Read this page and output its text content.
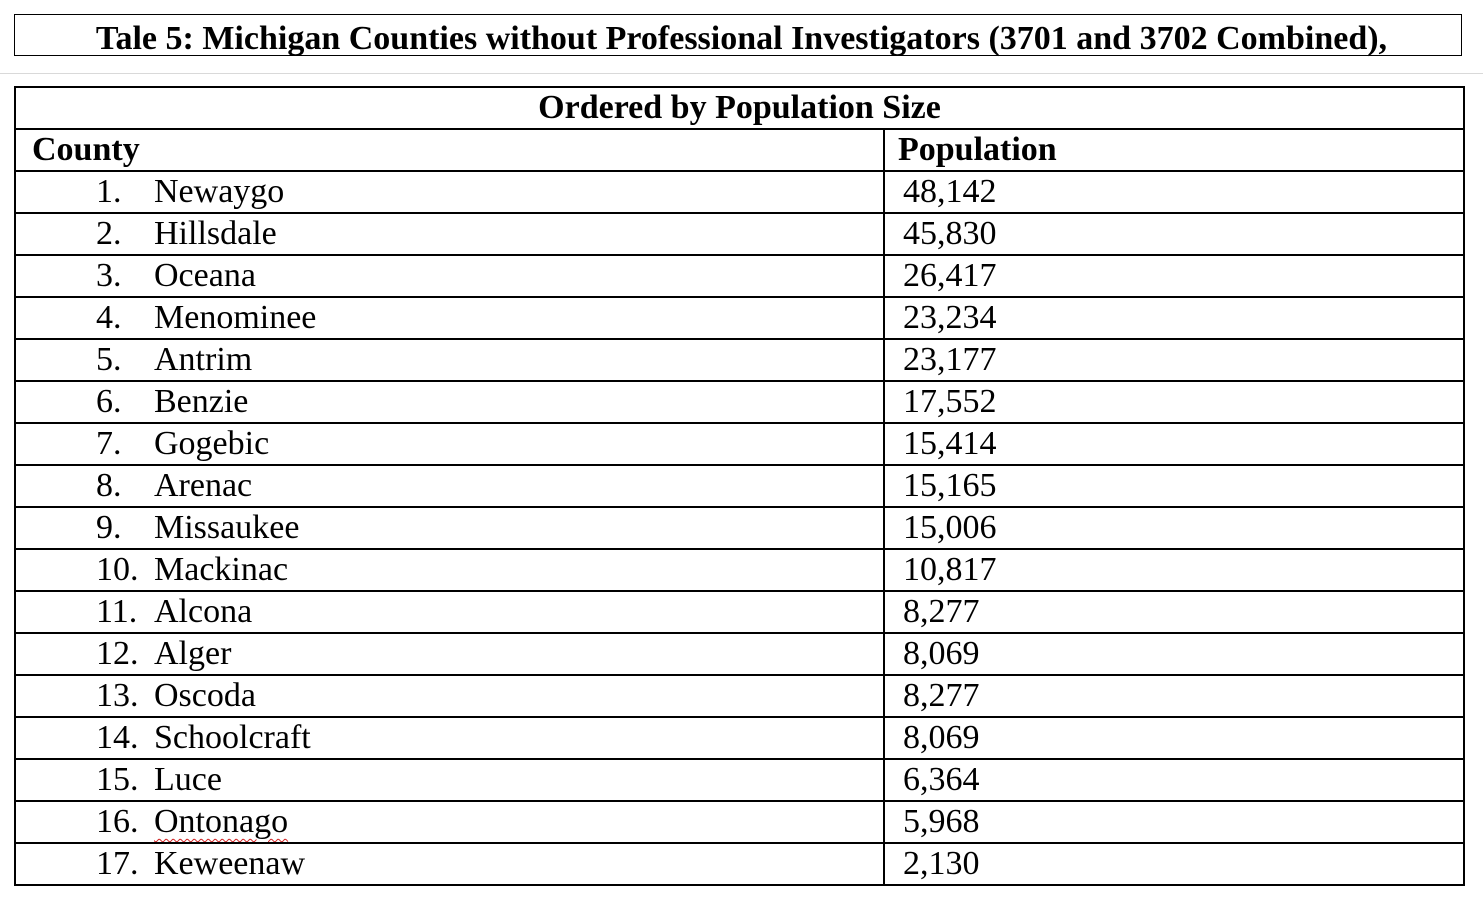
Tale 5: Michigan Counties without Professional Investigators (3701 and 3702 Combined),
Ordered by Population Size	
County	Population
1. Newaygo	48,142
2. Hillsdale	45,830
3. Oceana	26,417
4. Menominee	23,234
5. Antrim	23,177
6. Benzie	17,552
7. Gogebic	15,414
8. Arenac	15,165
9. Missaukee	15,006
10. Mackinac	10,817
11. Alcona	8,277
12. Alger	8,069
13. Oscoda	8,277
14. Schoolcraft	8,069
15. Luce	6,364
16. Ontonago	5,968
17. Keweenaw	2,130
